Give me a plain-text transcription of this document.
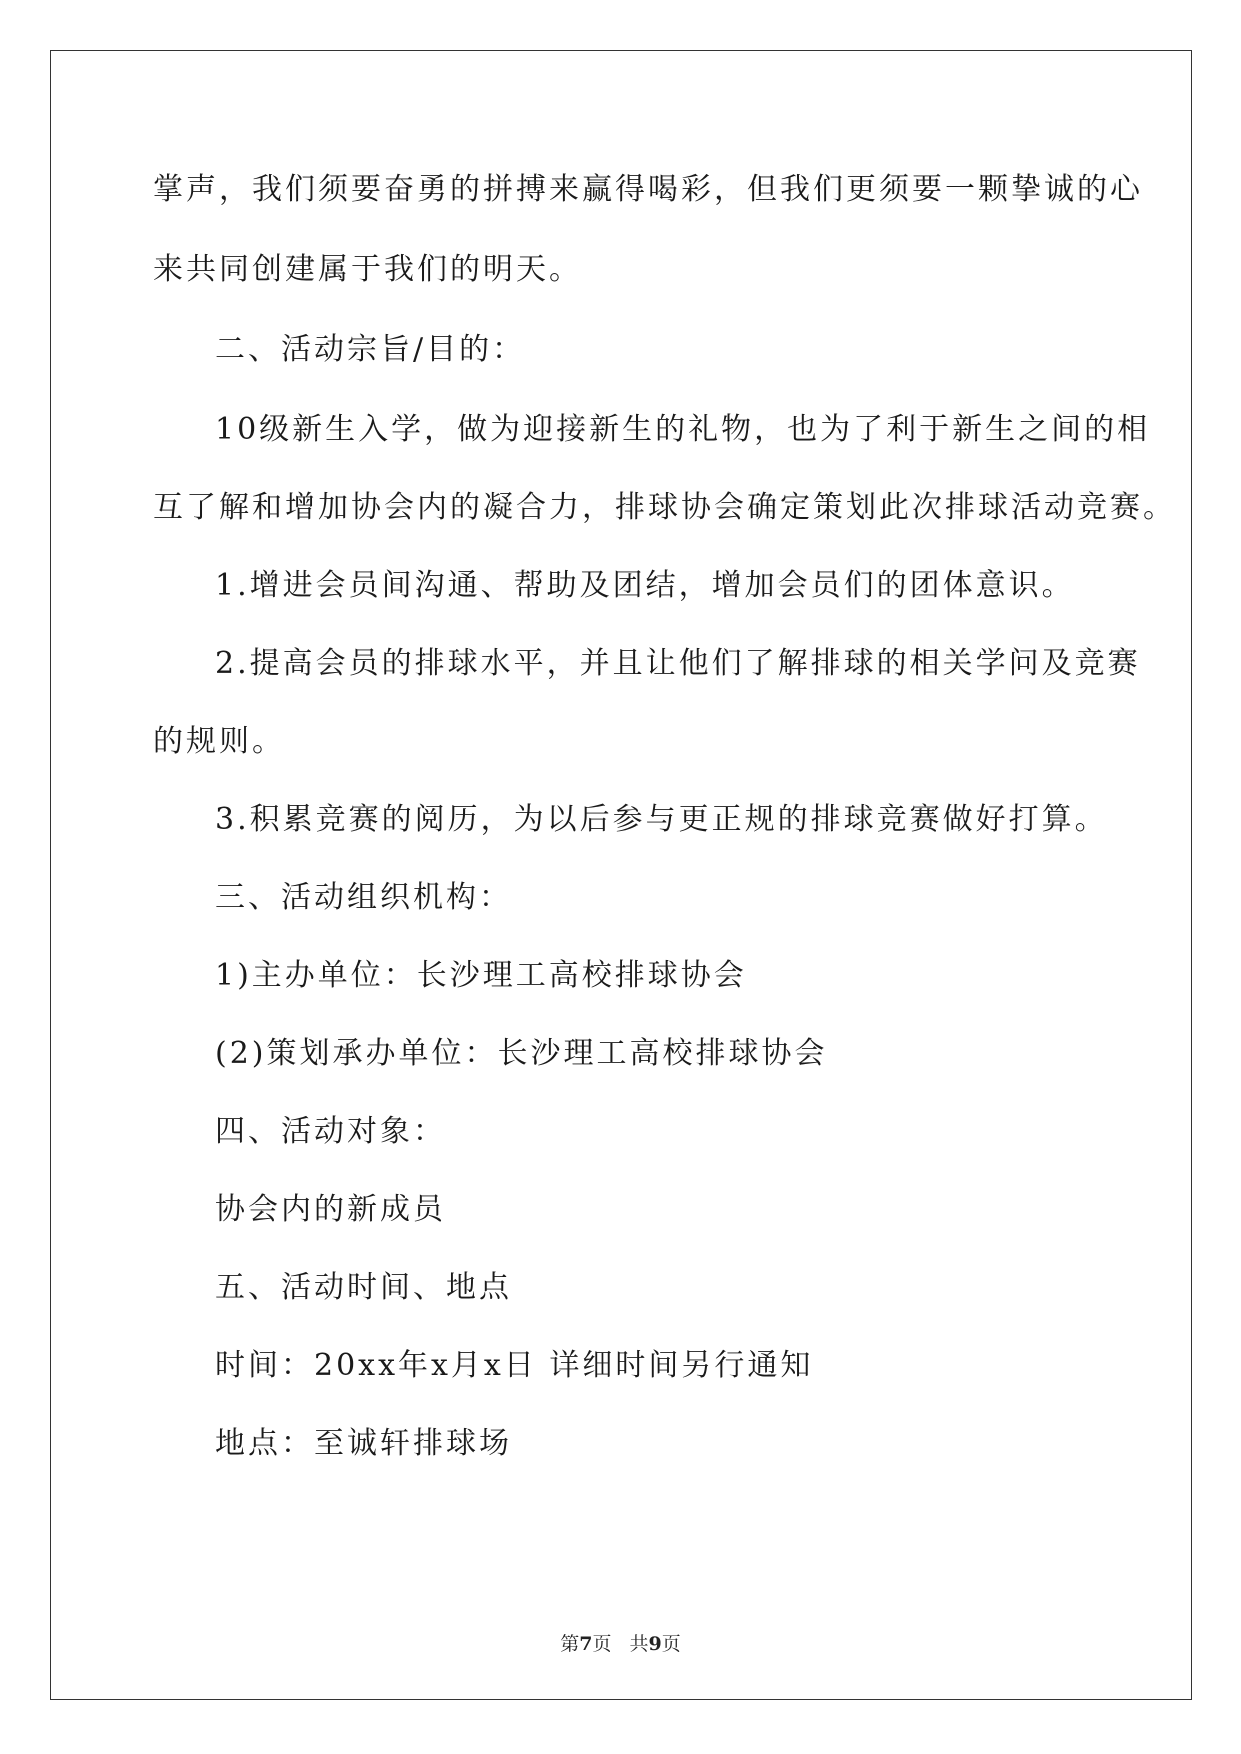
掌声，我们须要奋勇的拼搏来赢得喝彩，但我们更须要一颗挚诚的心
来共同创建属于我们的明天。
二、活动宗旨/目的：
10级新生入学，做为迎接新生的礼物，也为了利于新生之间的相
互了解和增加协会内的凝合力，排球协会确定策划此次排球活动竞赛。
1.增进会员间沟通、帮助及团结，增加会员们的团体意识。
2.提高会员的排球水平，并且让他们了解排球的相关学问及竞赛
的规则。
3.积累竞赛的阅历，为以后参与更正规的排球竞赛做好打算。
三、活动组织机构：
1)主办单位：长沙理工高校排球协会
(2)策划承办单位：长沙理工高校排球协会
四、活动对象：
协会内的新成员
五、活动时间、地点
时间：20xx年x月x日 详细时间另行通知
地点：至诚轩排球场
第7页 共9页
